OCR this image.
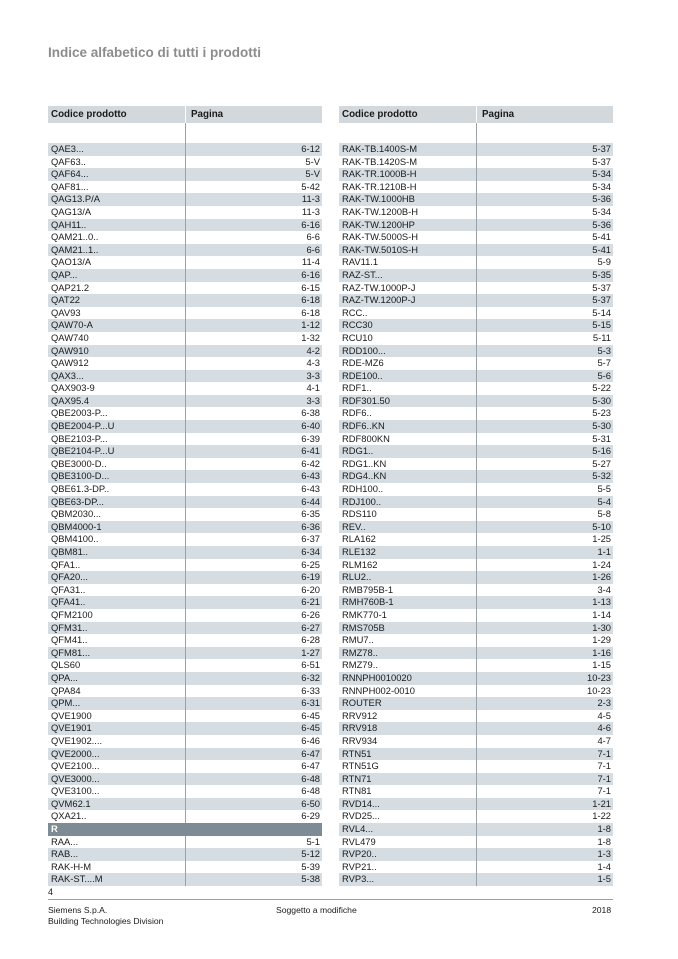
Indice alfabetico di tutti i prodotti
Codice prodotto	Pagina
QAE3...	6-12
QAF63..	5-V
QAF64...	5-V
QAF81...	5-42
QAG13.P/A	11-3
QAG13/A	11-3
QAH11..	6-16
QAM21..0..	6-6
QAM21..1..	6-6
QAO13/A	11-4
QAP...	6-16
QAP21.2	6-15
QAT22	6-18
QAV93	6-18
QAW70-A	1-12
QAW740	1-32
QAW910	4-2
QAW912	4-3
QAX3...	3-3
QAX903-9	4-1
QAX95.4	3-3
QBE2003-P...	6-38
QBE2004-P...U	6-40
QBE2103-P...	6-39
QBE2104-P...U	6-41
QBE3000-D..	6-42
QBE3100-D...	6-43
QBE61.3-DP..	6-43
QBE63-DP...	6-44
QBM2030...	6-35
QBM4000-1	6-36
QBM4100..	6-37
QBM81..	6-34
QFA1..	6-25
QFA20...	6-19
QFA31..	6-20
QFA41..	6-21
QFM2100	6-26
QFM31..	6-27
QFM41..	6-28
QFM81...	1-27
QLS60	6-51
QPA...	6-32
QPA84	6-33
QPM...	6-31
QVE1900	6-45
QVE1901	6-45
QVE1902....	6-46
QVE2000...	6-47
QVE2100...	6-47
QVE3000...	6-48
QVE3100...	6-48
QVM62.1	6-50
QXA21..	6-29
R
RAA...	5-1
RAB...	5-12
RAK-H-M	5-39
RAK-ST....M	5-38
Codice prodotto	Pagina
RAK-TB.1400S-M	5-37
RAK-TB.1420S-M	5-37
RAK-TR.1000B-H	5-34
RAK-TR.1210B-H	5-34
RAK-TW.1000HB	5-36
RAK-TW.1200B-H	5-34
RAK-TW.1200HP	5-36
RAK-TW.5000S-H	5-41
RAK-TW.5010S-H	5-41
RAV11.1	5-9
RAZ-ST...	5-35
RAZ-TW.1000P-J	5-37
RAZ-TW.1200P-J	5-37
RCC..	5-14
RCC30	5-15
RCU10	5-11
RDD100...	5-3
RDE-MZ6	5-7
RDE100..	5-6
RDF1..	5-22
RDF301.50	5-30
RDF6..	5-23
RDF6..KN	5-30
RDF800KN	5-31
RDG1..	5-16
RDG1..KN	5-27
RDG4..KN	5-32
RDH100..	5-5
RDJ100..	5-4
RDS110	5-8
REV..	5-10
RLA162	1-25
RLE132	1-1
RLM162	1-24
RLU2..	1-26
RMB795B-1	3-4
RMH760B-1	1-13
RMK770-1	1-14
RMS705B	1-30
RMU7..	1-29
RMZ78..	1-16
RMZ79..	1-15
RNNPH0010020	10-23
RNNPH002-0010	10-23
ROUTER	2-3
RRV912	4-5
RRV918	4-6
RRV934	4-7
RTN51	7-1
RTN51G	7-1
RTN71	7-1
RTN81	7-1
RVD14...	1-21
RVD25...	1-22
RVL4...	1-8
RVL479	1-8
RVP20..	1-3
RVP21..	1-4
RVP3...	1-5
4
Siemens S.p.A.
Building Technologies Division
Soggetto a modifiche	2018
